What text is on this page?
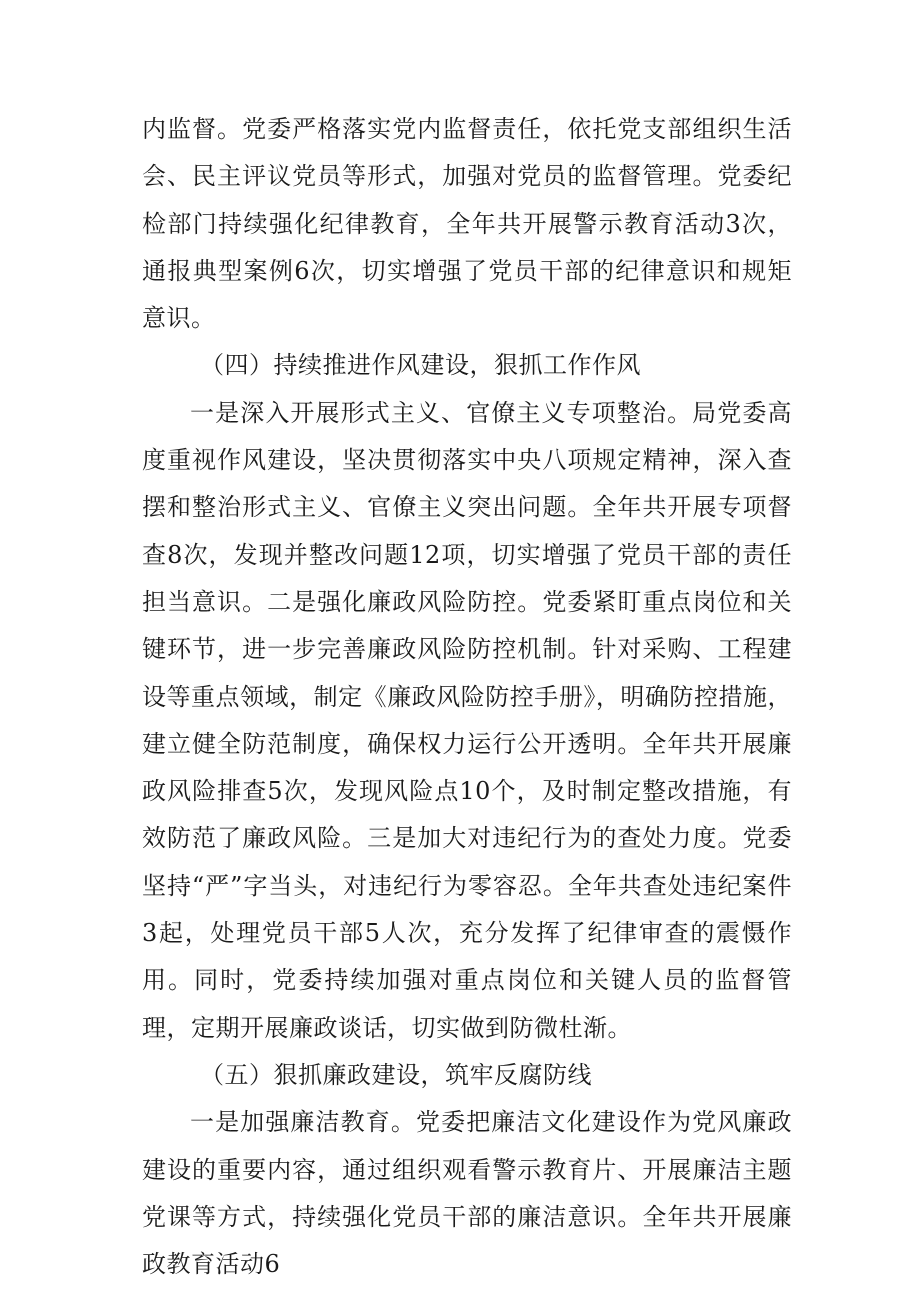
内监督。党委严格落实党内监督责任，依托党支部组织生活会、民主评议党员等形式，加强对党员的监督管理。党委纪检部门持续强化纪律教育，全年共开展警示教育活动3次，通报典型案例6次，切实增强了党员干部的纪律意识和规矩意识。

（四）持续推进作风建设，狠抓工作作风

一是深入开展形式主义、官僚主义专项整治。局党委高度重视作风建设，坚决贯彻落实中央八项规定精神，深入查摆和整治形式主义、官僚主义突出问题。全年共开展专项督查8次，发现并整改问题12项，切实增强了党员干部的责任担当意识。二是强化廉政风险防控。党委紧盯重点岗位和关键环节，进一步完善廉政风险防控机制。针对采购、工程建设等重点领域，制定《廉政风险防控手册》，明确防控措施，建立健全防范制度，确保权力运行公开透明。全年共开展廉政风险排查5次，发现风险点10个，及时制定整改措施，有效防范了廉政风险。三是加大对违纪行为的查处力度。党委坚持“严”字当头，对违纪行为零容忍。全年共查处违纪案件3起，处理党员干部5人次，充分发挥了纪律审查的震慑作用。同时，党委持续加强对重点岗位和关键人员的监督管理，定期开展廉政谈话，切实做到防微杜渐。

（五）狠抓廉政建设，筑牢反腐防线

一是加强廉洁教育。党委把廉洁文化建设作为党风廉政建设的重要内容，通过组织观看警示教育片、开展廉洁主题党课等方式，持续强化党员干部的廉洁意识。全年共开展廉政教育活动6
